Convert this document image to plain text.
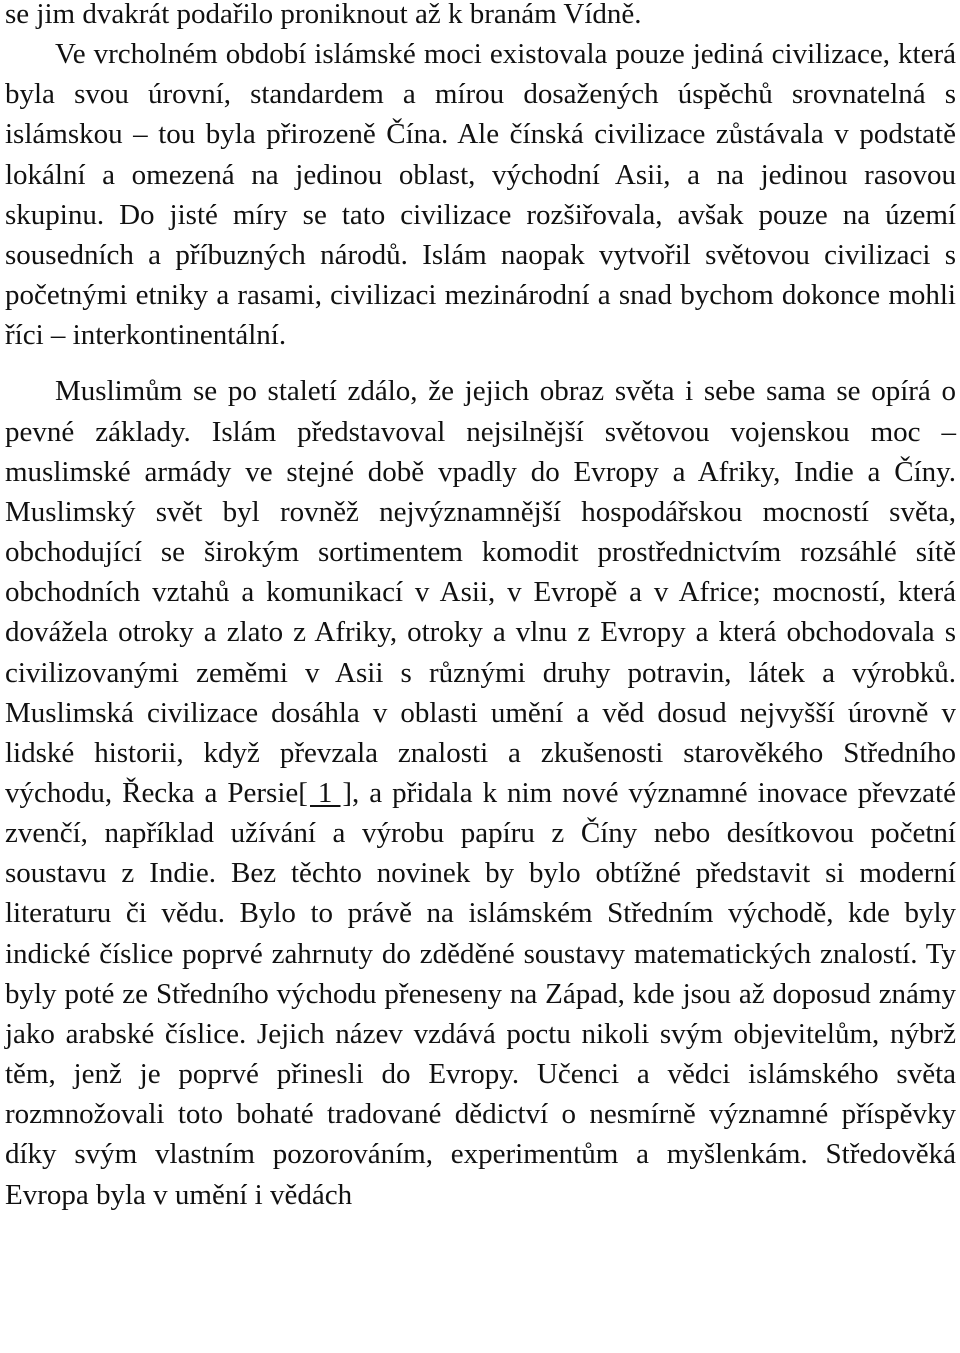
se jim dvakrát podařilo proniknout až k branám Vídně.

Ve vrcholném období islámské moci existovala pouze jediná civilizace, která byla svou úrovní, standardem a mírou dosažených úspěchů srovnatelná s islámskou – tou byla přirozeně Čína. Ale čínská civilizace zůstávala v podstatě lokální a omezená na jedinou oblast, východní Asii, a na jedinou rasovou skupinu. Do jisté míry se tato civilizace rozšiřovala, avšak pouze na území sousedních a příbuzných národů. Islám naopak vytvořil světovou civilizaci s početnými etniky a rasami, civilizaci mezinárodní a snad bychom dokonce mohli říci – interkontinentální.

Muslimům se po staletí zdálo, že jejich obraz světa i sebe sama se opírá o pevné základy. Islám představoval nejsilnější světovou vojenskou moc – muslimské armády ve stejné době vpadly do Evropy a Afriky, Indie a Číny. Muslimský svět byl rovněž nejvýznamnější hospodářskou mocností světa, obchodující se širokým sortimentem komodit prostřednictvím rozsáhlé sítě obchodních vztahů a komunikací v Asii, v Evropě a v Africe; mocností, která dovážela otroky a zlato z Afriky, otroky a vlnu z Evropy a která obchodovala s civilizovanými zeměmi v Asii s různými druhy potravin, látek a výrobků. Muslimská civilizace dosáhla v oblasti umění a věd dosud nejvyšší úrovně v lidské historii, když převzala znalosti a zkušenosti starověkého Středního východu, Řecka a Persie[ 1 ], a přidala k nim nové významné inovace převzaté zvenčí, například užívání a výrobu papíru z Číny nebo desítkovou početní soustavu z Indie. Bez těchto novinek by bylo obtížné představit si moderní literaturu či vědu. Bylo to právě na islámském Středním východě, kde byly indické číslice poprvé zahrnuty do zděděné soustavy matematických znalostí. Ty byly poté ze Středního východu přeneseny na Západ, kde jsou až doposud známy jako arabské číslice. Jejich název vzdává poctu nikoli svým objevitelům, nýbrž těm, jenž je poprvé přinesli do Evropy. Učenci a vědci islámského světa rozmnožovali toto bohaté tradované dědictví o nesmírně významné příspěvky díky svým vlastním pozorováním, experimentům a myšlenkám. Středověká Evropa byla v umění i vědách
